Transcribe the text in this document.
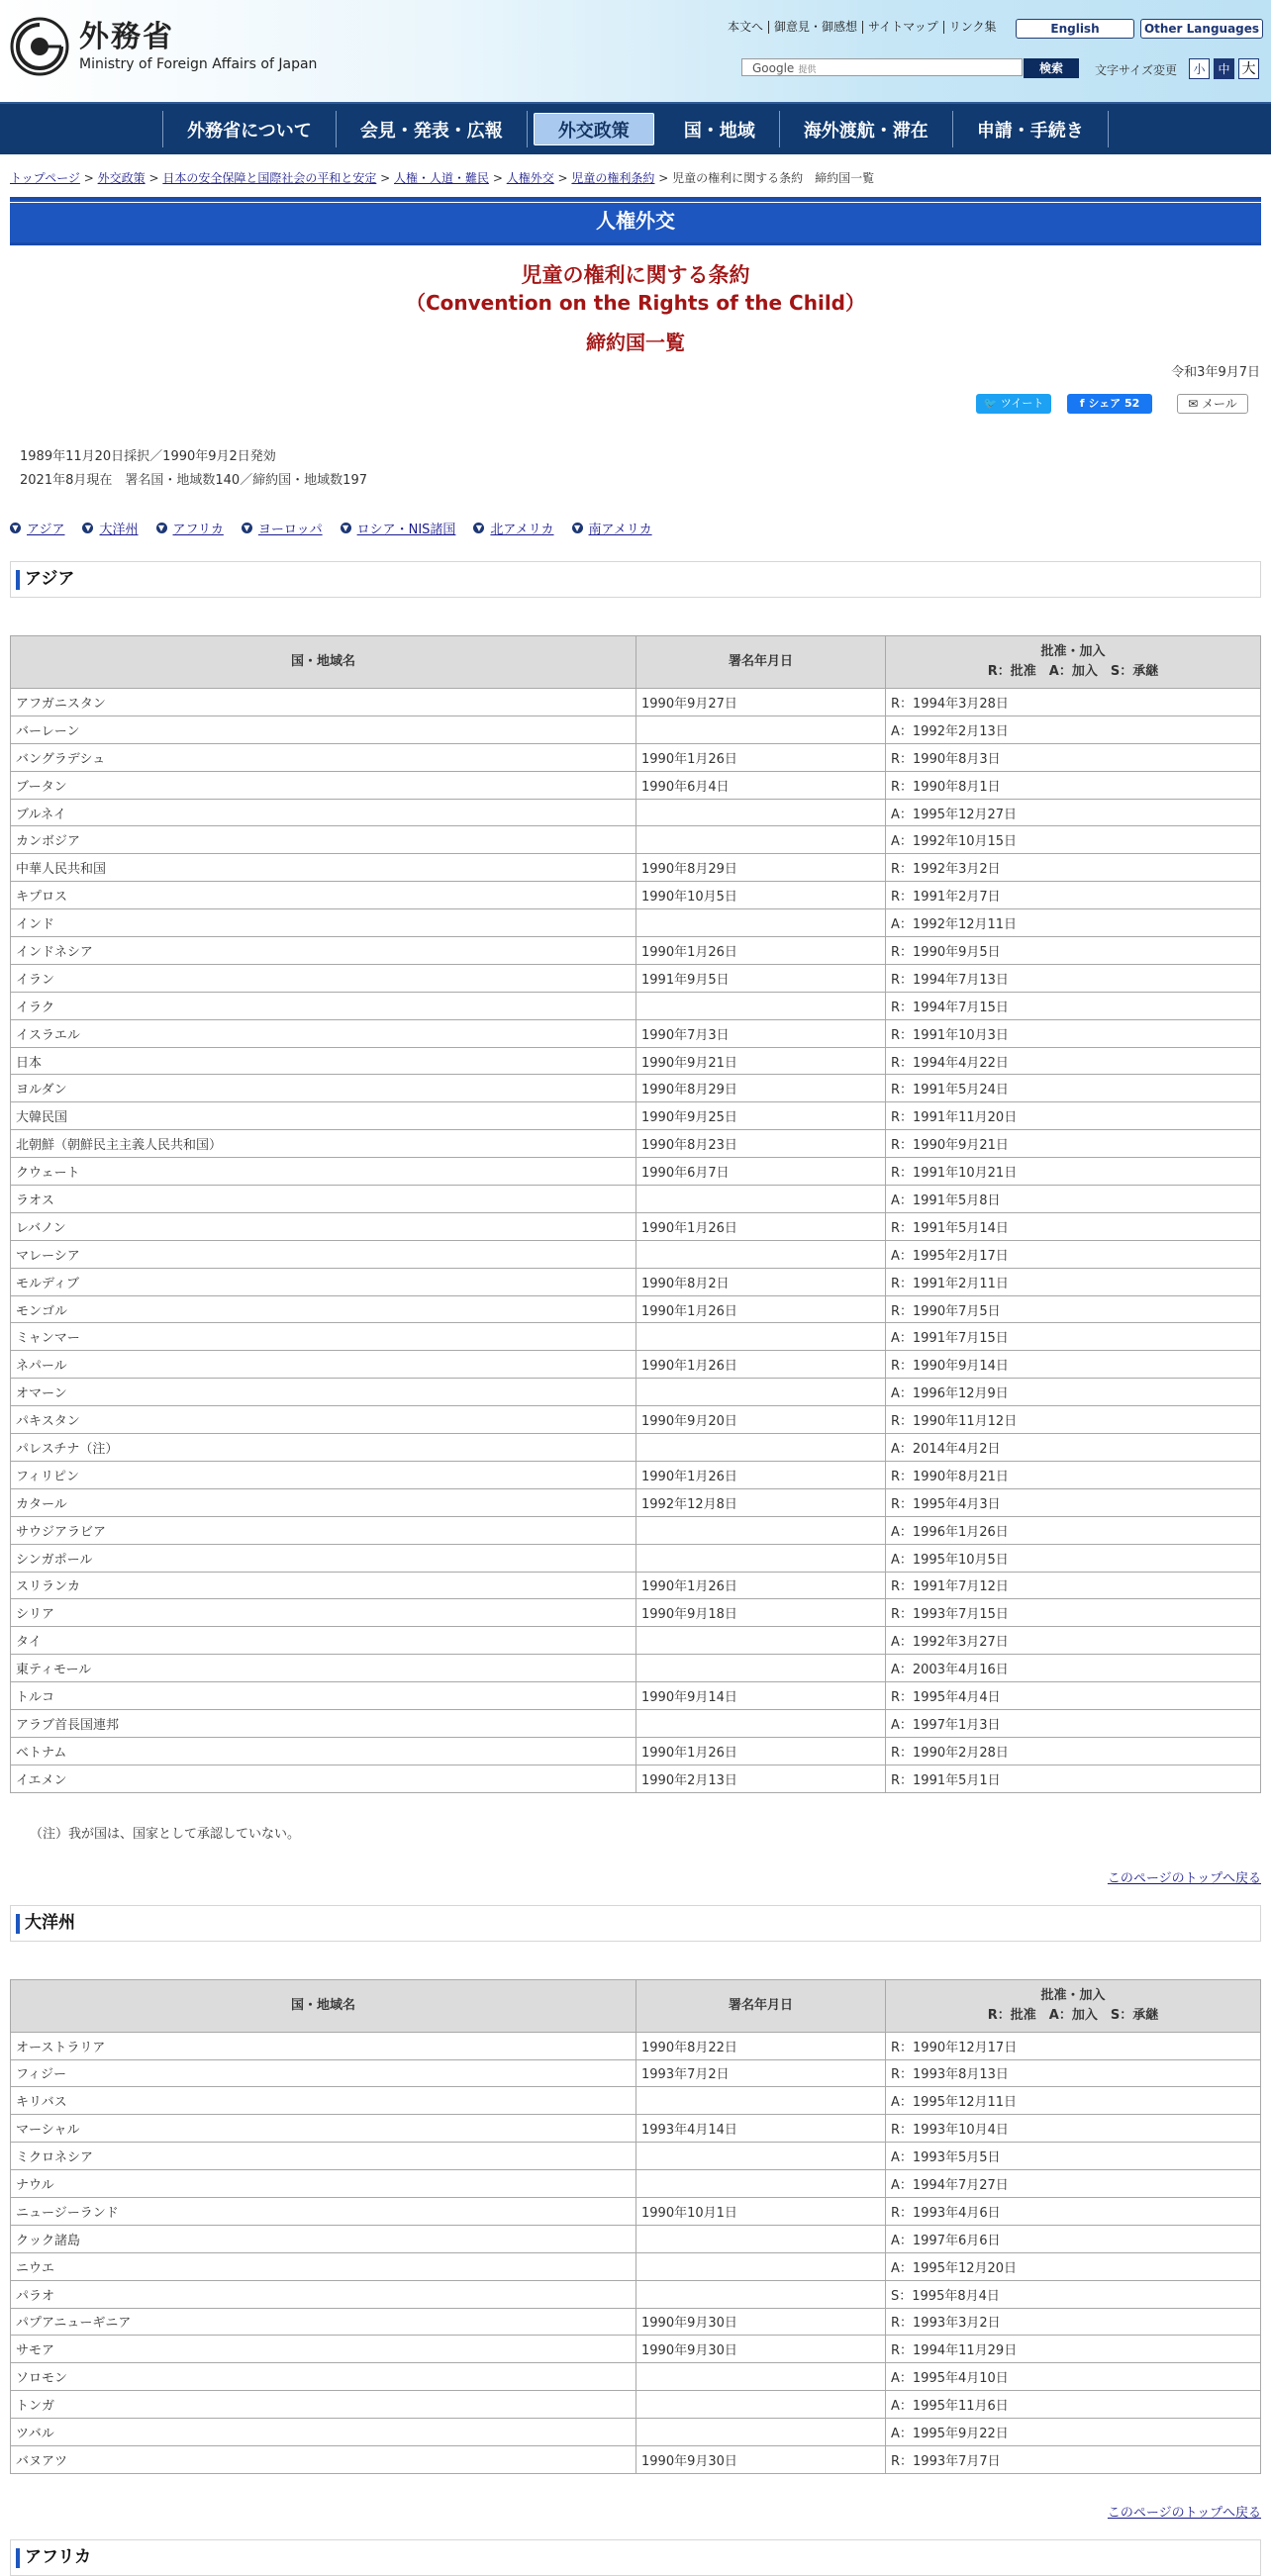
外務省
Ministry of Foreign Affairs of Japan
本文へ 御意見・御感想 サイトマップ リンク集	English	Other Languages
Google 提供	検索	文字サイズ変更	小	中 大
外務省について	会見・発表・広報	外交政策	国・地域	海外渡航・滞在	申請・手続き
トップページ > 外交政策 > 日本の安全保障と国際社会の平和と安定 > 人権・人道・難民 > 人権外交 > 児童の権利条約 > 児童の権利に関する条約　締約国一覧
人権外交
児童の権利に関する条約
（Convention on the Rights of the Child）
締約国一覧
令和3年9月7日
🐦 ツイート	f シェア 52	✉ メール
1989年11月20日採択／1990年9月2日発効
2021年8月現在　署名国・地域数140／締約国・地域数197
▼ アジア	▼ 大洋州	▼ アフリカ	▼ ヨーロッパ	▼ ロシア・NIS諸国	▼ 北アメリカ	▼ 南アメリカ
アジア
国・地域名	署名年月日	批准・加入
R：批准　A：加入　S：承継
アフガニスタン	1990年9月27日	R：1994年3月28日
バーレーン		A：1992年2月13日
バングラデシュ	1990年1月26日	R：1990年8月3日
ブータン	1990年6月4日	R：1990年8月1日
ブルネイ		A：1995年12月27日
カンボジア		A：1992年10月15日
中華人民共和国	1990年8月29日	R：1992年3月2日
キプロス	1990年10月5日	R：1991年2月7日
インド		A：1992年12月11日
インドネシア	1990年1月26日	R：1990年9月5日
イラン	1991年9月5日	R：1994年7月13日
イラク		R：1994年7月15日
イスラエル	1990年7月3日	R：1991年10月3日
日本	1990年9月21日	R：1994年4月22日
ヨルダン	1990年8月29日	R：1991年5月24日
大韓民国	1990年9月25日	R：1991年11月20日
北朝鮮（朝鮮民主主義人民共和国）	1990年8月23日	R：1990年9月21日
クウェート	1990年6月7日	R：1991年10月21日
ラオス		A：1991年5月8日
レバノン	1990年1月26日	R：1991年5月14日
マレーシア		A：1995年2月17日
モルディブ	1990年8月2日	R：1991年2月11日
モンゴル	1990年1月26日	R：1990年7月5日
ミャンマー		A：1991年7月15日
ネパール	1990年1月26日	R：1990年9月14日
オマーン		A：1996年12月9日
パキスタン	1990年9月20日	R：1990年11月12日
パレスチナ（注）		A：2014年4月2日
フィリピン	1990年1月26日	R：1990年8月21日
カタール	1992年12月8日	R：1995年4月3日
サウジアラビア		A：1996年1月26日
シンガポール		A：1995年10月5日
スリランカ	1990年1月26日	R：1991年7月12日
シリア	1990年9月18日	R：1993年7月15日
タイ		A：1992年3月27日
東ティモール		A：2003年4月16日
トルコ	1990年9月14日	R：1995年4月4日
アラブ首長国連邦		A：1997年1月3日
ベトナム	1990年1月26日	R：1990年2月28日
イエメン	1990年2月13日	R：1991年5月1日
（注）我が国は、国家として承認していない。
このページのトップへ戻る
大洋州
国・地域名	署名年月日	批准・加入
R：批准　A：加入　S：承継
オーストラリア	1990年8月22日	R：1990年12月17日
フィジー	1993年7月2日	R：1993年8月13日
キリバス		A：1995年12月11日
マーシャル	1993年4月14日	R：1993年10月4日
ミクロネシア		A：1993年5月5日
ナウル		A：1994年7月27日
ニュージーランド	1990年10月1日	R：1993年4月6日
クック諸島		A：1997年6月6日
ニウエ		A：1995年12月20日
パラオ		S：1995年8月4日
パプアニューギニア	1990年9月30日	R：1993年3月2日
サモア	1990年9月30日	R：1994年11月29日
ソロモン		A：1995年4月10日
トンガ		A：1995年11月6日
ツバル		A：1995年9月22日
バヌアツ	1990年9月30日	R：1993年7月7日
このページのトップへ戻る
アフリカ
